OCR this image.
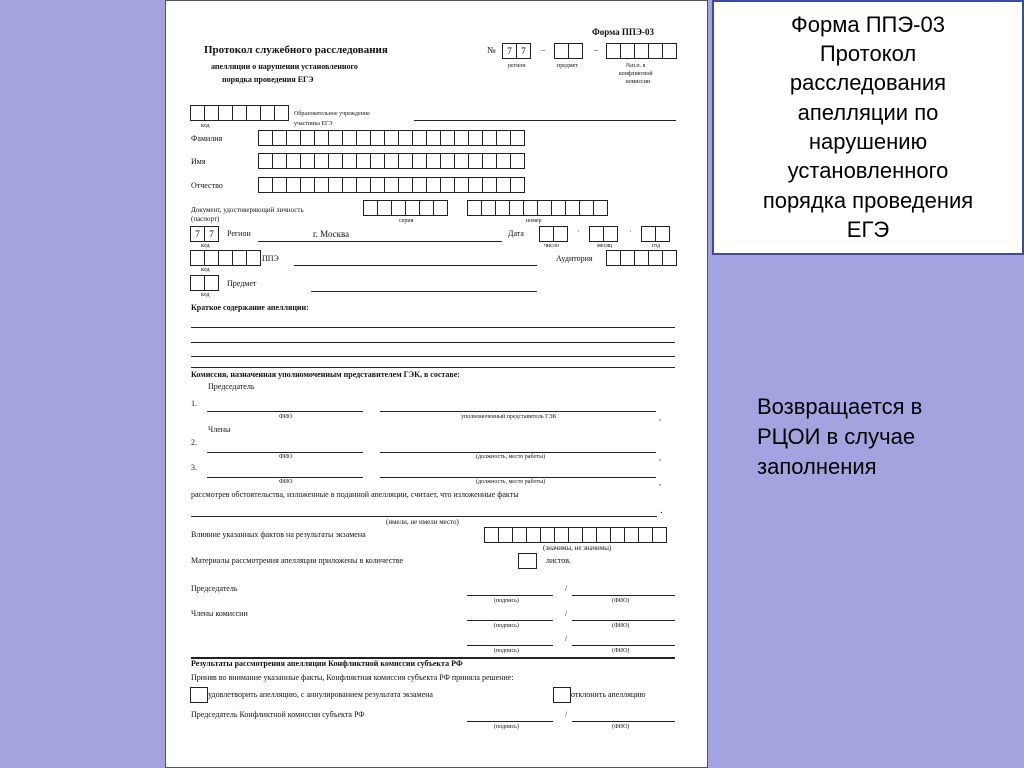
Форма ППЭ-03
Протокол служебного расследования
апелляции о нарушении установленного
порядка проведения ЕГЭ
№	7	7	–	–
регион	предмет	№п.п. в
конфликтной
комиссии
код
Образовательное учреждение
участника ЕГЭ
Фамилия
Имя
Отчество
Документ, удостоверяющий личность
(паспорт)	серия	номер
7	7	Регион	г. Москва	Дата	·	·
код	число	месяц	год
ППЭ	Аудитория
код
Предмет
код
Краткое содержание апелляции:
Комиссия, назначенная уполномоченным представителем ГЭК, в составе:
Председатель
1.
ФИО	уполномоченный представитель ГЭК	,
Члены
2.
ФИО	(должность, место работы)	,
3.
ФИО	(должность, место работы)	,
рассмотрев обстоятельства, изложенные в поданной апелляции, считает, что изложенные факты
.
(имели, не имели место)
Влияние указанных фактов на результаты экзамена
(значимы, не значимы)
Материалы рассмотрения апелляции приложены в количестве	листов.
Председатель	/
(подпись)	(ФИО)
Члены комиссии	/
(подпись)	(ФИО)
/
(подпись)	(ФИО)
Результаты рассмотрения апелляции Конфликтной комиссии субъекта РФ
Приняв во внимание указанные факты, Конфликтная комиссия субъекта РФ приняла решение:
удовлетворить апелляцию, с аннулированием результата экзамена	отклонить апелляцию
Председатель Конфликтной комиссии субъекта РФ	/
(подпись)	(ФИО)
Форма ППЭ-03
Протокол
расследования
апелляции по
нарушению
установленного
порядка проведения
ЕГЭ
Возвращается в
РЦОИ в случае
заполнения
